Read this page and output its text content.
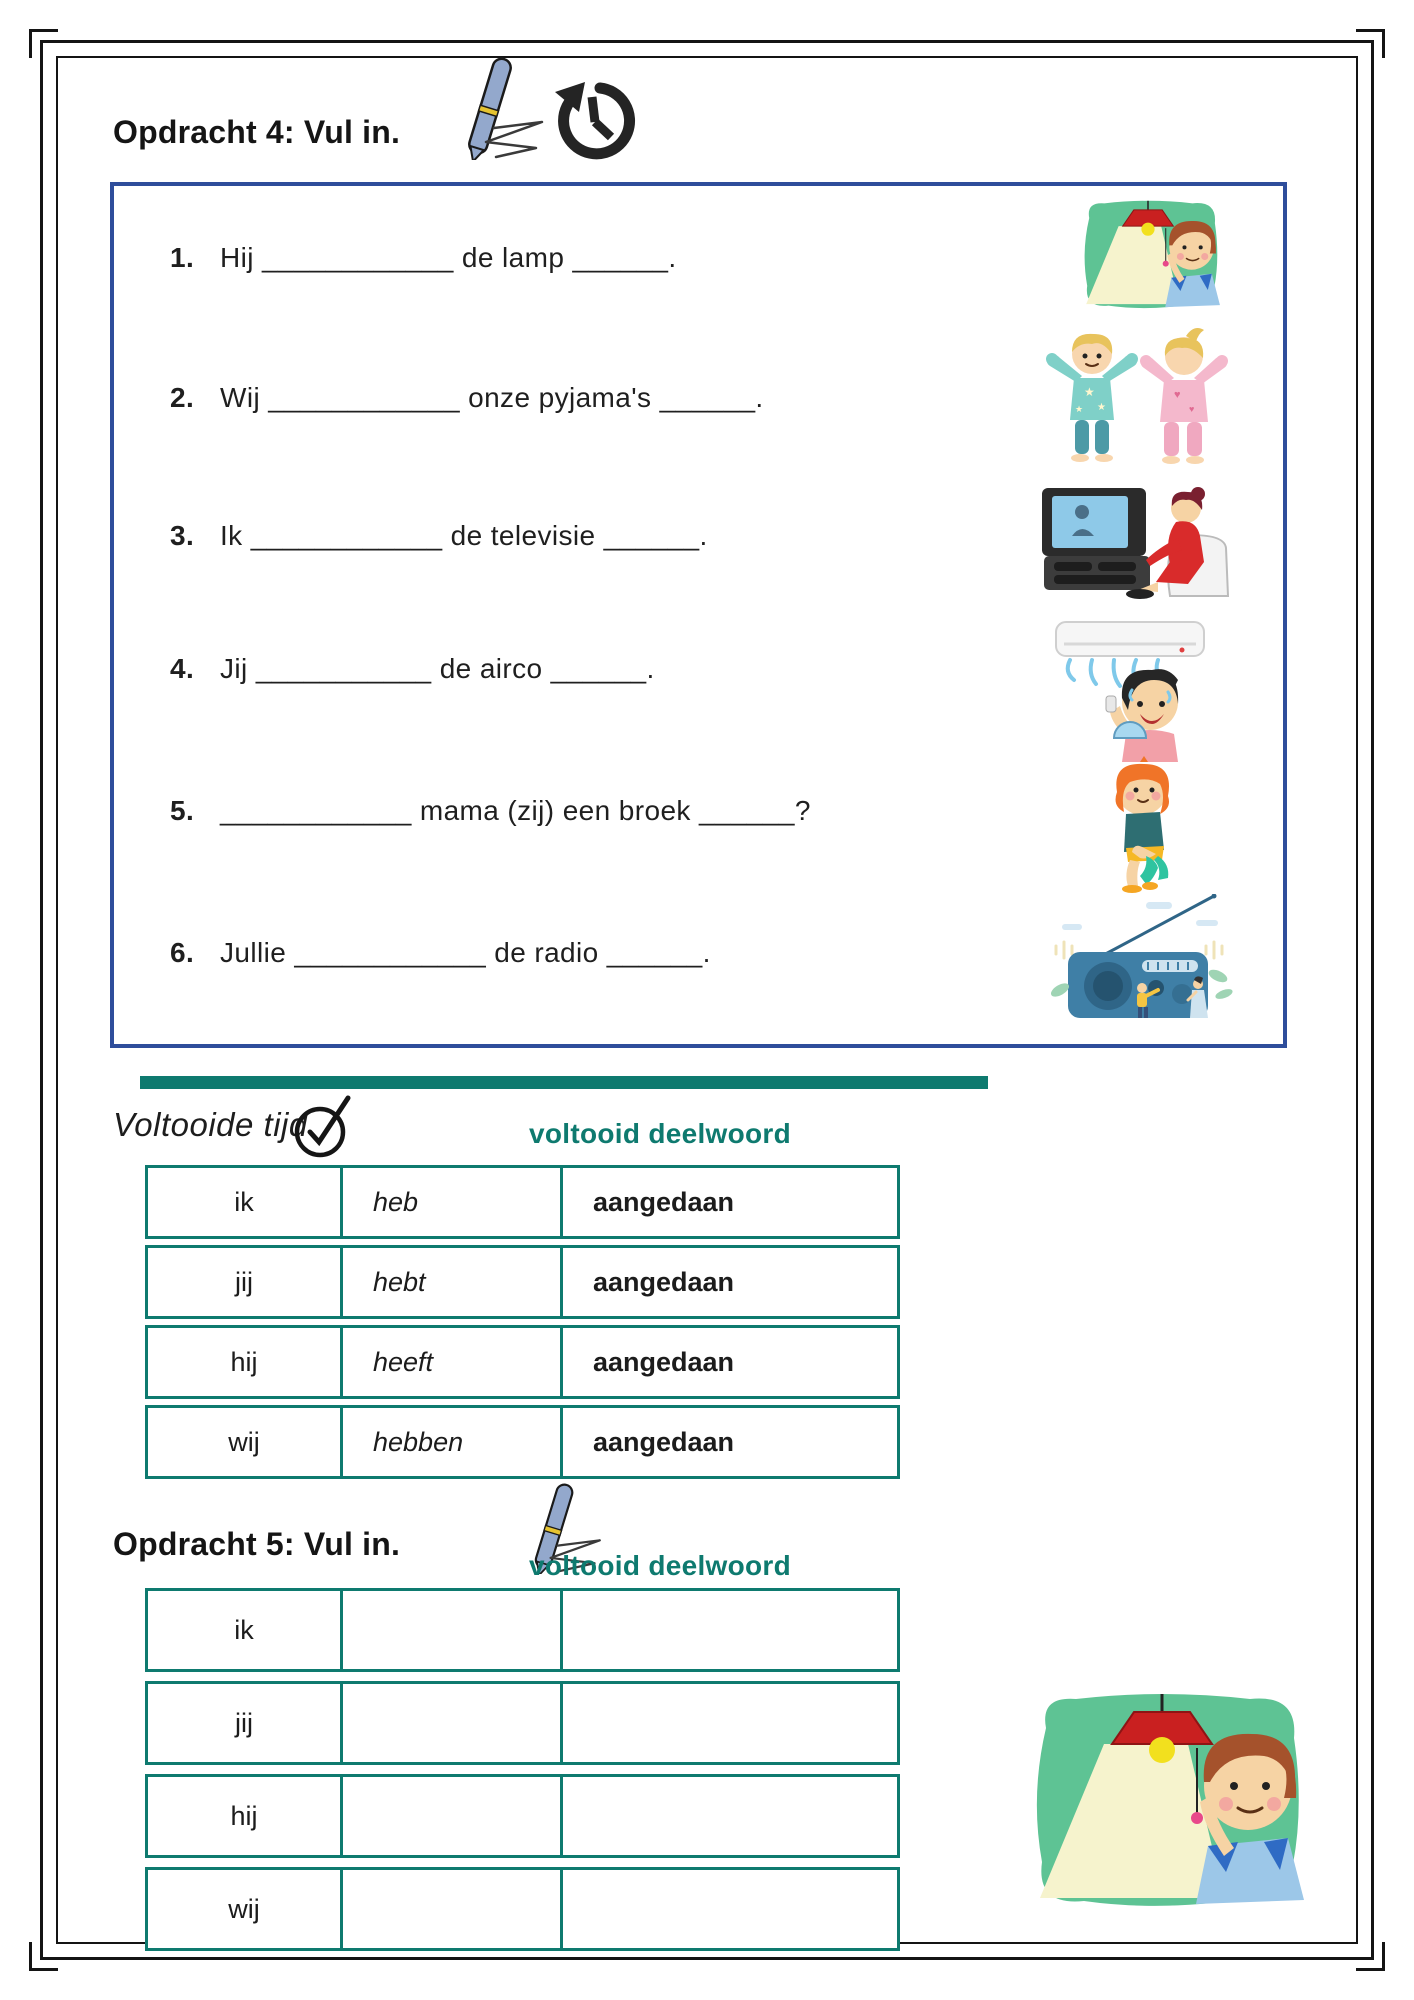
Opdracht 4: Vul in.
1. Hij ____________ de lamp ______.
2. Wij ____________ onze pyjama's ______.
3. Ik ____________ de televisie ______.
4. Jij ___________ de airco ______.
5. ____________ mama (zij) een broek ______?
6. Jullie ____________ de radio ______.
★
★
★
♥
♥
Voltooide tijd	voltooid deelwoord
ik	heb	aangedaan
jij	hebt	aangedaan
hij	heeft	aangedaan
wij	hebben	aangedaan
Opdracht 5: Vul in.
voltooid deelwoord
ik
jij
hij
wij
